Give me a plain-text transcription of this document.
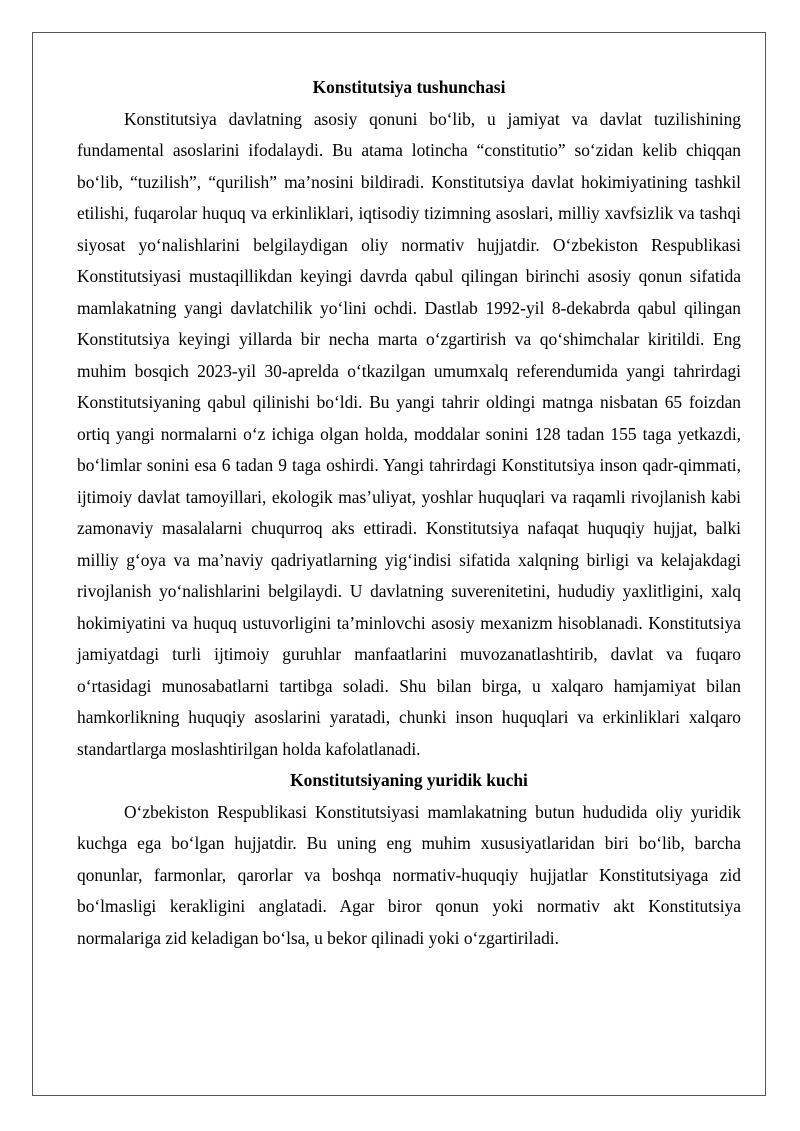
Konstitutsiya tushunchasi

Konstitutsiya davlatning asosiy qonuni bo‘lib, u jamiyat va davlat tuzilishining fundamental asoslarini ifodalaydi. Bu atama lotincha “constitutio” so‘zidan kelib chiqqan bo‘lib, “tuzilish”, “qurilish” ma’nosini bildiradi. Konstitutsiya davlat hokimiyatining tashkil etilishi, fuqarolar huquq va erkinliklari, iqtisodiy tizimning asoslari, milliy xavfsizlik va tashqi siyosat yo‘nalishlarini belgilaydigan oliy normativ hujjatdir. O‘zbekiston Respublikasi Konstitutsiyasi mustaqillikdan keyingi davrda qabul qilingan birinchi asosiy qonun sifatida mamlakatning yangi davlatchilik yo‘lini ochdi. Dastlab 1992-yil 8-dekabrda qabul qilingan Konstitutsiya keyingi yillarda bir necha marta o‘zgartirish va qo‘shimchalar kiritildi. Eng muhim bosqich 2023-yil 30-aprelda o‘tkazilgan umumxalq referendumida yangi tahrirdagi Konstitutsiyaning qabul qilinishi bo‘ldi. Bu yangi tahrir oldingi matnga nisbatan 65 foizdan ortiq yangi normalarni o‘z ichiga olgan holda, moddalar sonini 128 tadan 155 taga yetkazdi, bo‘limlar sonini esa 6 tadan 9 taga oshirdi. Yangi tahrirdagi Konstitutsiya inson qadr-qimmati, ijtimoiy davlat tamoyillari, ekologik mas’uliyat, yoshlar huquqlari va raqamli rivojlanish kabi zamonaviy masalalarni chuqurroq aks ettiradi. Konstitutsiya nafaqat huquqiy hujjat, balki milliy g‘oya va ma’naviy qadriyatlarning yig‘indisi sifatida xalqning birligi va kelajakdagi rivojlanish yo‘nalishlarini belgilaydi. U davlatning suverenitetini, hududiy yaxlitligini, xalq hokimiyatini va huquq ustuvorligini ta’minlovchi asosiy mexanizm hisoblanadi. Konstitutsiya jamiyatdagi turli ijtimoiy guruhlar manfaatlarini muvozanatlashtirib, davlat va fuqaro o‘rtasidagi munosabatlarni tartibga soladi. Shu bilan birga, u xalqaro hamjamiyat bilan hamkorlikning huquqiy asoslarini yaratadi, chunki inson huquqlari va erkinliklari xalqaro standartlarga moslashtirilgan holda kafolatlanadi.

Konstitutsiyaning yuridik kuchi

O‘zbekiston Respublikasi Konstitutsiyasi mamlakatning butun hududida oliy yuridik kuchga ega bo‘lgan hujjatdir. Bu uning eng muhim xususiyatlaridan biri bo‘lib, barcha qonunlar, farmonlar, qarorlar va boshqa normativ-huquqiy hujjatlar Konstitutsiyaga zid bo‘lmasligi kerakligini anglatadi. Agar biror qonun yoki normativ akt Konstitutsiya normalariga zid keladigan bo‘lsa, u bekor qilinadi yoki o‘zgartiriladi.
